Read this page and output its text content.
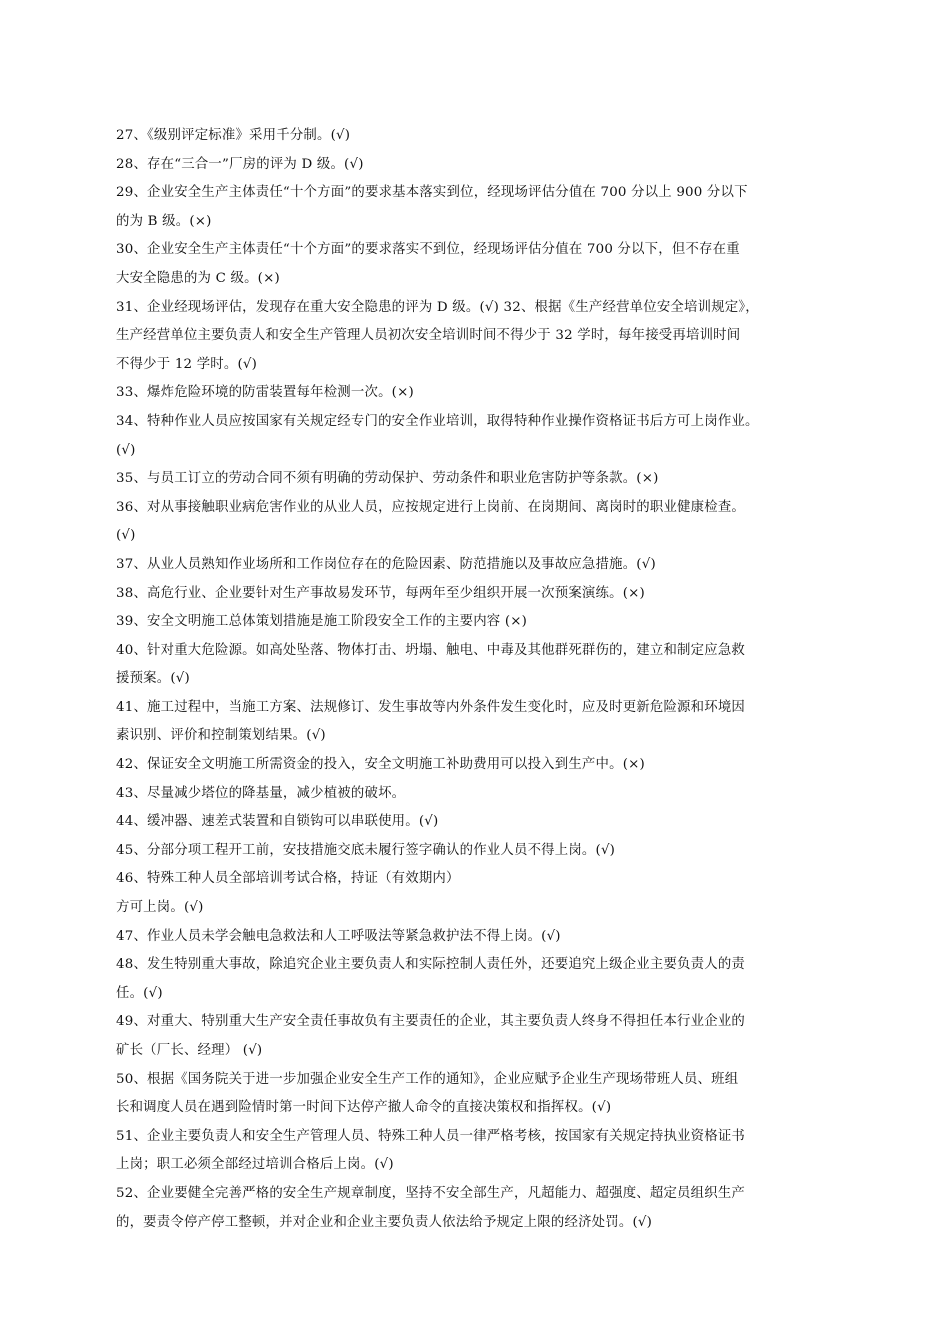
27、《级别评定标准》采用千分制。(√)
28、存在“三合一”厂房的评为 D 级。(√)
29、企业安全生产主体责任“十个方面”的要求基本落实到位，经现场评估分值在 700 分以上 900 分以下
的为 B 级。(×)
30、企业安全生产主体责任“十个方面”的要求落实不到位，经现场评估分值在 700 分以下，但不存在重
大安全隐患的为 C 级。(×)
31、企业经现场评估，发现存在重大安全隐患的评为 D 级。(√) 32、根据《生产经营单位安全培训规定》，
生产经营单位主要负责人和安全生产管理人员初次安全培训时间不得少于 32 学时，每年接受再培训时间
不得少于 12 学时。(√)
33、爆炸危险环境的防雷装置每年检测一次。(×)
34、特种作业人员应按国家有关规定经专门的安全作业培训，取得特种作业操作资格证书后方可上岗作业。
(√)
35、与员工订立的劳动合同不须有明确的劳动保护、劳动条件和职业危害防护等条款。(×)
36、对从事接触职业病危害作业的从业人员，应按规定进行上岗前、在岗期间、离岗时的职业健康检查。
(√)
37、从业人员熟知作业场所和工作岗位存在的危险因素、防范措施以及事故应急措施。(√)
38、高危行业、企业要针对生产事故易发环节，每两年至少组织开展一次预案演练。(×)
39、安全文明施工总体策划措施是施工阶段安全工作的主要内容 (×)
40、针对重大危险源。如高处坠落、物体打击、坍塌、触电、中毒及其他群死群伤的，建立和制定应急救
援预案。(√)
41、施工过程中，当施工方案、法规修订、发生事故等内外条件发生变化时，应及时更新危险源和环境因
素识别、评价和控制策划结果。(√)
42、保证安全文明施工所需资金的投入，安全文明施工补助费用可以投入到生产中。(×)
43、尽量减少塔位的降基量，减少植被的破坏。
44、缓冲器、速差式装置和自锁钩可以串联使用。(√)
45、分部分项工程开工前，安技措施交底未履行签字确认的作业人员不得上岗。(√)
46、特殊工种人员全部培训考试合格，持证（有效期内）
方可上岗。(√)
47、作业人员未学会触电急救法和人工呼吸法等紧急救护法不得上岗。(√)
48、发生特别重大事故，除追究企业主要负责人和实际控制人责任外，还要追究上级企业主要负责人的责
任。(√)
49、对重大、特别重大生产安全责任事故负有主要责任的企业，其主要负责人终身不得担任本行业企业的
矿长（厂长、经理） (√)
50、根据《国务院关于进一步加强企业安全生产工作的通知》，企业应赋予企业生产现场带班人员、班组
长和调度人员在遇到险情时第一时间下达停产撤人命令的直接决策权和指挥权。(√)
51、企业主要负责人和安全生产管理人员、特殊工种人员一律严格考核，按国家有关规定持执业资格证书
上岗；职工必须全部经过培训合格后上岗。(√)
52、企业要健全完善严格的安全生产规章制度，坚持不安全部生产，凡超能力、超强度、超定员组织生产
的，要责令停产停工整顿，并对企业和企业主要负责人依法给予规定上限的经济处罚。(√)
